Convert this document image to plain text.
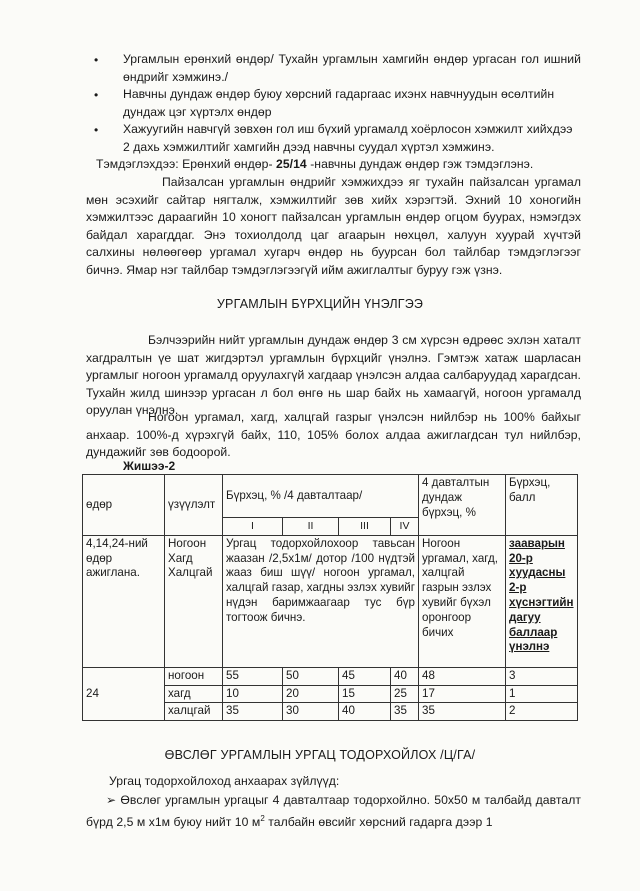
• Ургамлын ерөнхий өндөр/ Тухайн ургамлын хамгийн өндөр ургасан гол ишний өндрийг хэмжинэ./
• Навчны дундаж өндөр буюу хөрсний гадаргаас ихэнх навчнуудын өсөлтийн дундаж цэг хүртэлх өндөр
• Хажуугийн навчгүй зөвхөн гол иш бүхий ургамалд хоёрлосон хэмжилт хийхдээ 2 дахь хэмжилтийг хамгийн дээд навчны суудал хүртэл хэмжинэ.
Тэмдэглэхдээ: Ерөнхий өндөр- 25/14 -навчны дундаж өндөр гэж тэмдэглэнэ.
Пайзалсан ургамлын өндрийг хэмжихдээ яг тухайн пайзалсан ургамал мөн эсэхийг сайтар нягталж, хэмжилтийг зөв хийх хэрэгтэй. Эхний 10 хоногийн хэмжилтээс дараагийн 10 хоногт пайзалсан ургамлын өндөр огцом буурах, нэмэгдэх байдал харагддаг. Энэ тохиолдолд цаг агаарын нөхцөл, халуун хуурай хүчтэй салхины нөлөөгөөр ургамал хугарч өндөр нь буурсан бол тайлбар тэмдэглэгээг бичнэ. Ямар нэг тайлбар тэмдэглэгээгүй ийм ажиглалтыг буруу гэж үзнэ.
УРГАМЛЫН БҮРХЦИЙН ҮНЭЛГЭЭ
Бэлчээрийн нийт ургамлын дундаж өндөр 3 см хүрсэн өдрөөс эхлэн хаталт хагдралтын үе шат жигдэртэл ургамлын бүрхцийг үнэлнэ. Гэмтэж хатаж шарласан ургамлыг ногоон ургамалд оруулахгүй хагдаар үнэлсэн алдаа салбаруудад харагдсан. Тухайн жилд шинээр ургасан л бол өнгө нь шар байх нь хамаагүй, ногоон ургамалд оруулан үнэлнэ.
Ногоон ургамал, хагд, халцгай газрыг үнэлсэн нийлбэр нь 100% байхыг анхаар. 100%-д хүрэхгүй байх, 110, 105% болох алдаа ажиглагдсан тул нийлбэр, дундажийг зөв бодоорой.
Жишээ-2
өдөр	үзүүлэлт	Бүрхэц, % /4 давталтаар/				4 давталтын дундаж бүрхэц, %	Бүрхэц, балл
		I	II	III	IV		
4,14,24-ний өдөр ажиглана.	Ногоон Хагд Халцгай	Ургац тодорхойлохоор тавьсан жаазан /2,5х1м/ дотор /100 нүдтэй жааз биш шүү/ ногоон ургамал, халцгай газар, хагдны эзлэх хувийг нүдэн баримжаагаар тус бүр тогтоож бичнэ.				Ногоон ургамал, хагд, халцгай газрын эзлэх хувийг бүхэл оронгоор бичих	зааварын 20-р хуудасны 2-р хүснэгтийн дагуу баллаар үнэлнэ
24	ногоон	55	50	45	40	48	3
	хагд	10	20	15	25	17	1
	халцгай	35	30	40	35	35	2
ӨВСЛӨГ УРГАМЛЫН УРГАЦ ТОДОРХОЙЛОХ /Ц/ГА/
Ургац тодорхойлоход анхаарах зүйлүүд:
➢ Өвслөг ургамлын ургацыг 4 давталтаар тодорхойлно. 50х50 м талбайд давталт бүрд 2,5 м х1м буюу нийт 10 $м^2$ талбайн өвсийг хөрсний гадарга дээр 1
